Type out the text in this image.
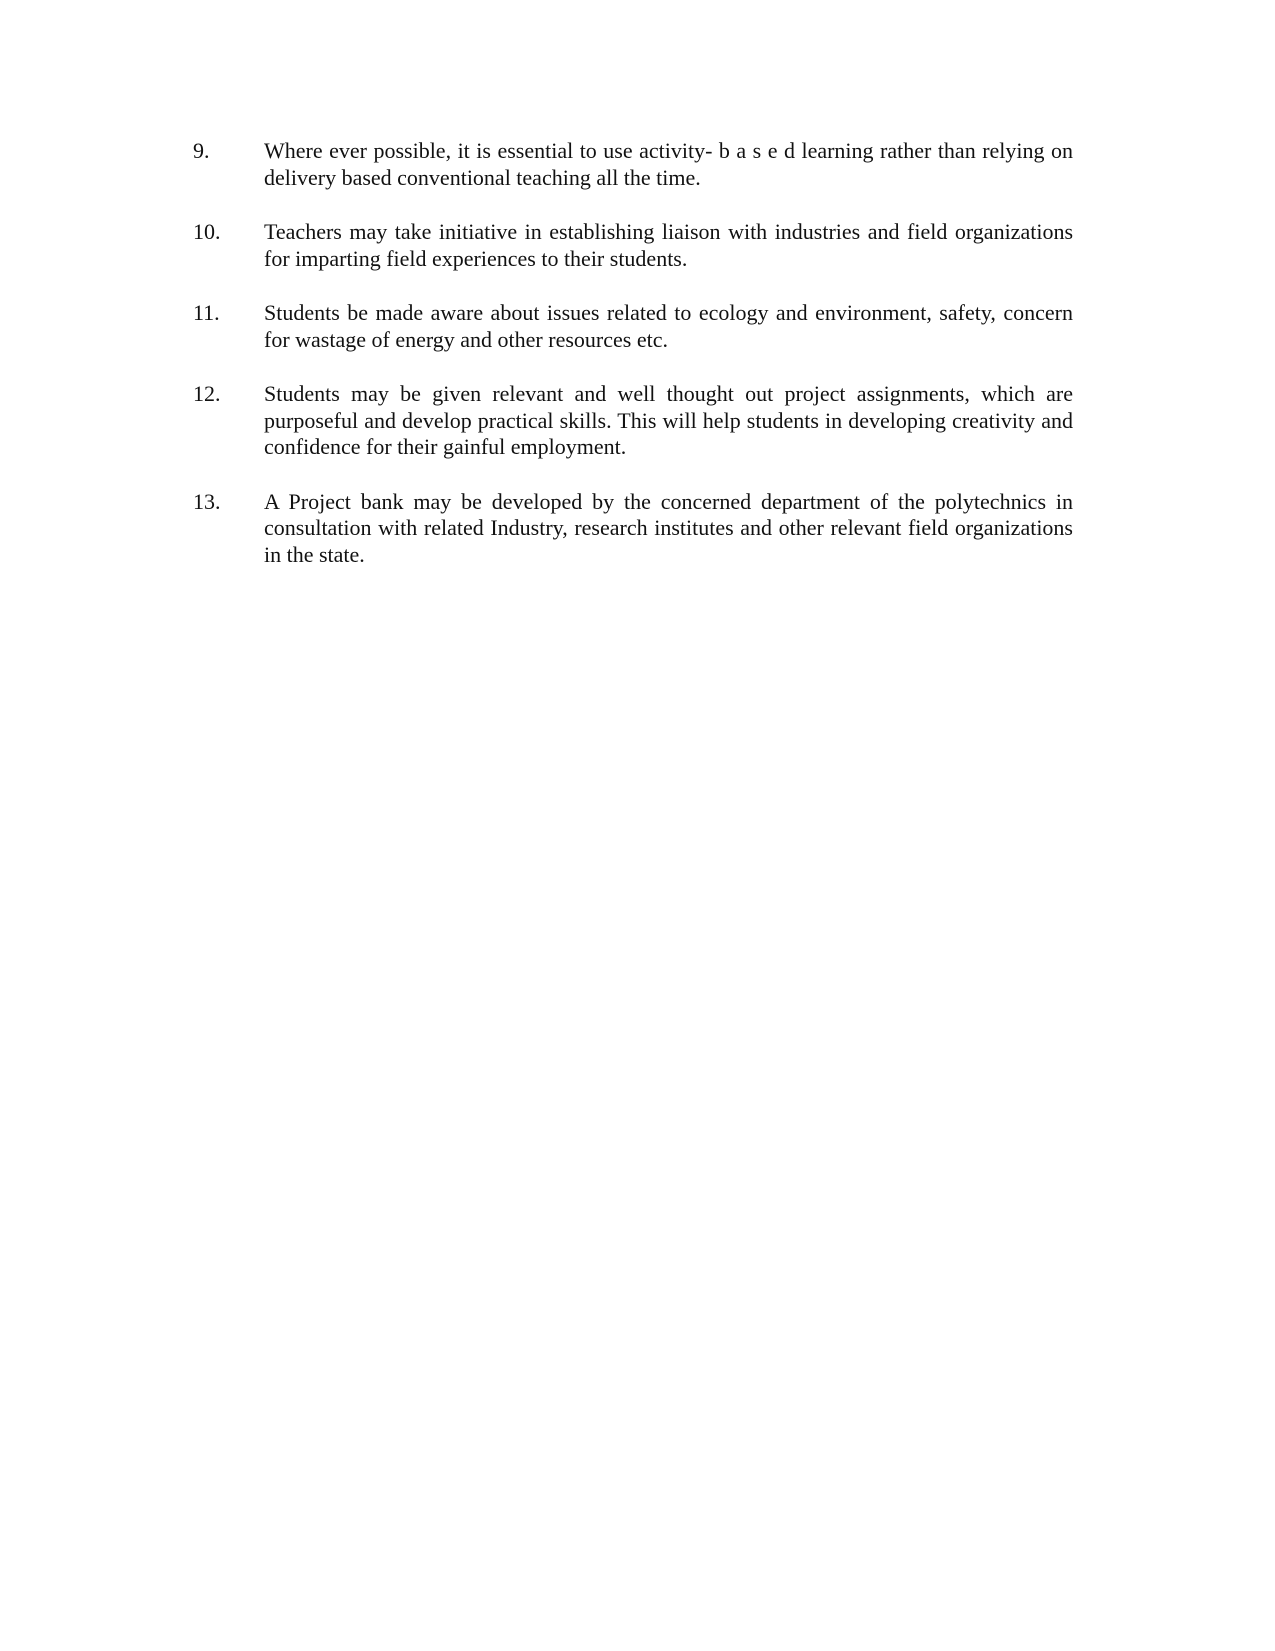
9.	Where ever possible, it is essential to use activity- b a s e d learning rather than relying on delivery based conventional teaching all the time.
10.	Teachers may take initiative in establishing liaison with industries and field organizations for imparting field experiences to their students.
11.	Students be made aware about issues related to ecology and environment, safety, concern for wastage of energy and other resources etc.
12.	Students may be given relevant and well thought out project assignments, which are purposeful and develop practical skills. This will help students in developing creativity and confidence for their gainful employment.
13.	A Project bank may be developed by the concerned department of the polytechnics in consultation with related Industry, research institutes and other relevant field organizations in the state.
